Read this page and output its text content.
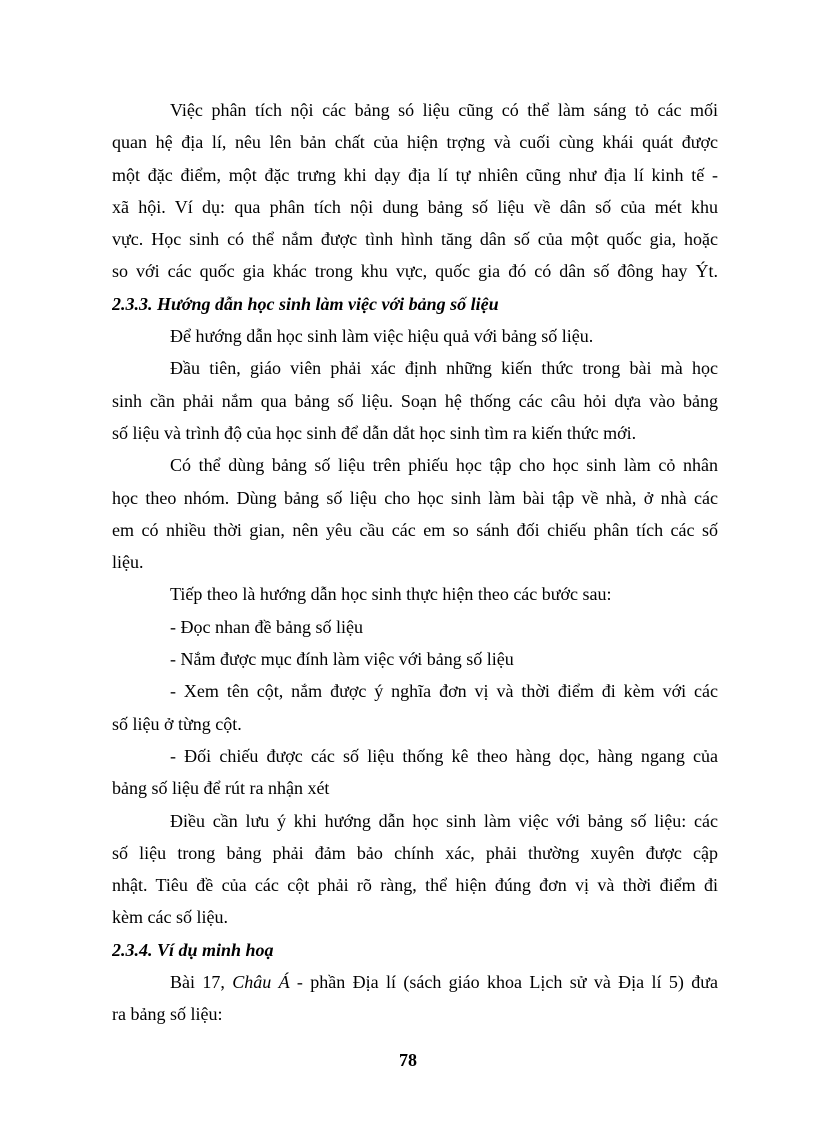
Việc phân tích nội các bảng só liệu cũng có thể làm sáng tỏ các mối
quan hệ địa lí, nêu lên bản chất của hiện trợng và cuối cùng khái quát được
một đặc điểm, một đặc trưng khi dạy địa lí tự nhiên cũng như địa lí kinh tế -
xã hội. Ví dụ: qua phân tích nội dung bảng số liệu về dân số của mét khu
vực. Học sinh có thể nắm được tình hình tăng dân số của một quốc gia, hoặc
so với các quốc gia khác trong khu vực, quốc gia đó có dân số đông hay Ýt.
2.3.3. Hướng dẫn học sinh làm việc với bảng số liệu
Để hướng dẫn học sinh làm việc hiệu quả với bảng số liệu.
Đầu tiên, giáo viên phải xác định những kiến thức trong bài mà học
sinh cần phải nắm qua bảng số liệu. Soạn hệ thống các câu hỏi dựa vào bảng
số liệu và trình độ của học sinh để dẫn dắt học sinh tìm ra kiến thức mới.
Có thể dùng bảng số liệu trên phiếu học tập cho học sinh làm cỏ nhân
học theo nhóm. Dùng bảng số liệu cho học sinh làm bài tập về nhà, ở nhà các
em có nhiều thời gian, nên yêu cầu các em so sánh đối chiếu phân tích các số
liệu.
Tiếp theo là hướng dẫn học sinh thực hiện theo các bước sau:
- Đọc nhan đề bảng số liệu
- Nắm được mục đính làm việc với bảng số liệu
- Xem tên cột, nắm được ý nghĩa đơn vị và thời điểm đi kèm với các
số liệu ở từng cột.
- Đối chiếu được các số liệu thống kê theo hàng dọc, hàng ngang của
bảng số liệu để rút ra nhận xét
Điều cần lưu ý khi hướng dẫn học sinh làm việc với bảng số liệu: các
số liệu trong bảng phải đảm bảo chính xác, phải thường xuyên được cập
nhật. Tiêu đề của các cột phải rõ ràng, thể hiện đúng đơn vị và thời điểm đi
kèm các số liệu.
2.3.4. Ví dụ minh hoạ
Bài 17, Châu Á - phần Địa lí (sách giáo khoa Lịch sử và Địa lí 5) đưa
ra bảng số liệu:
78
